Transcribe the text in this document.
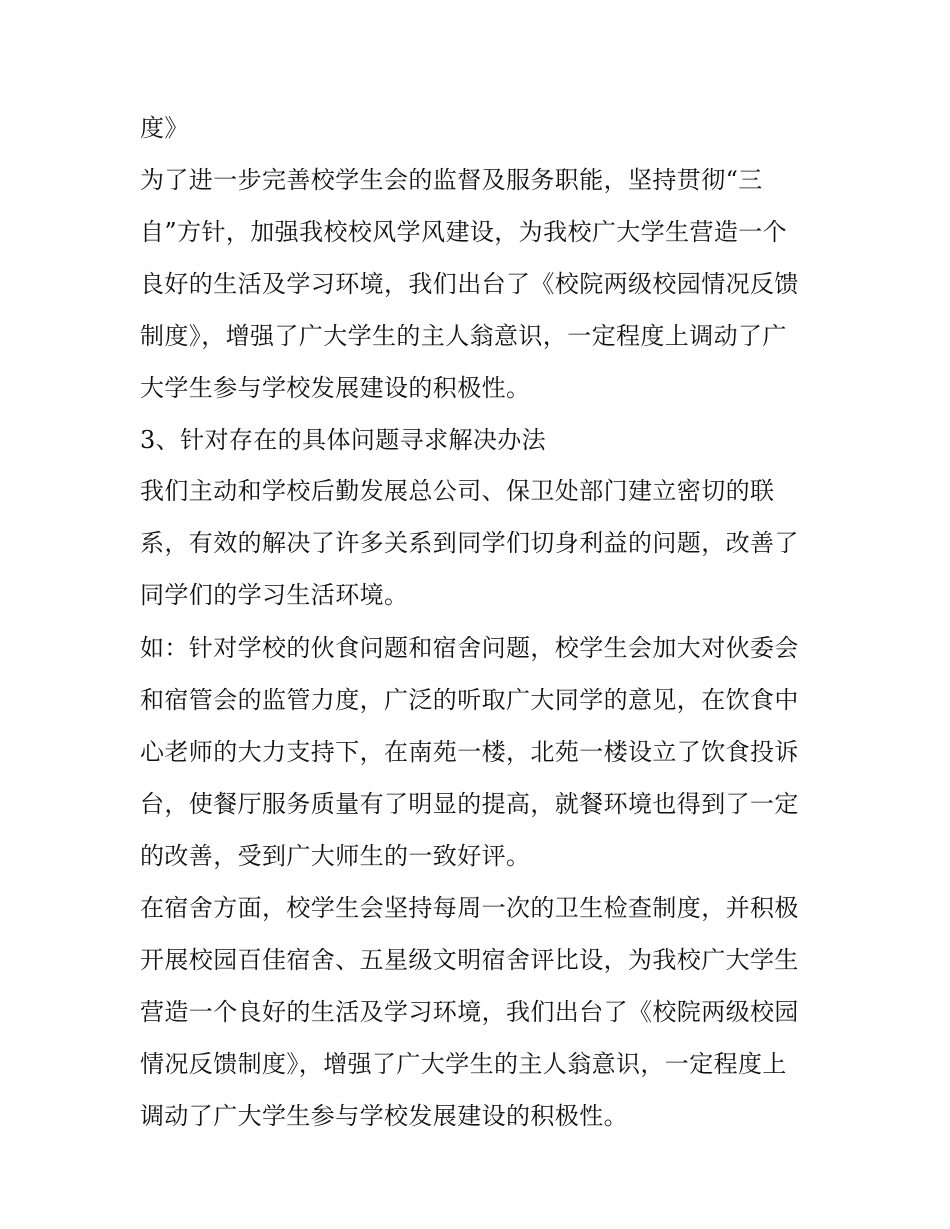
度》

为了进一步完善校学生会的监督及服务职能，坚持贯彻“三

自”方针，加强我校校风学风建设，为我校广大学生营造一个

良好的生活及学习环境，我们出台了《校院两级校园情况反馈

制度》，增强了广大学生的主人翁意识，一定程度上调动了广

大学生参与学校发展建设的积极性。

3、针对存在的具体问题寻求解决办法

我们主动和学校后勤发展总公司、保卫处部门建立密切的联

系，有效的解决了许多关系到同学们切身利益的问题，改善了

同学们的学习生活环境。

如：针对学校的伙食问题和宿舍问题，校学生会加大对伙委会

和宿管会的监管力度，广泛的听取广大同学的意见，在饮食中

心老师的大力支持下，在南苑一楼，北苑一楼设立了饮食投诉

台，使餐厅服务质量有了明显的提高，就餐环境也得到了一定

的改善，受到广大师生的一致好评。

在宿舍方面，校学生会坚持每周一次的卫生检查制度，并积极

开展校园百佳宿舍、五星级文明宿舍评比设，为我校广大学生

营造一个良好的生活及学习环境，我们出台了《校院两级校园

情况反馈制度》，增强了广大学生的主人翁意识，一定程度上

调动了广大学生参与学校发展建设的积极性。
